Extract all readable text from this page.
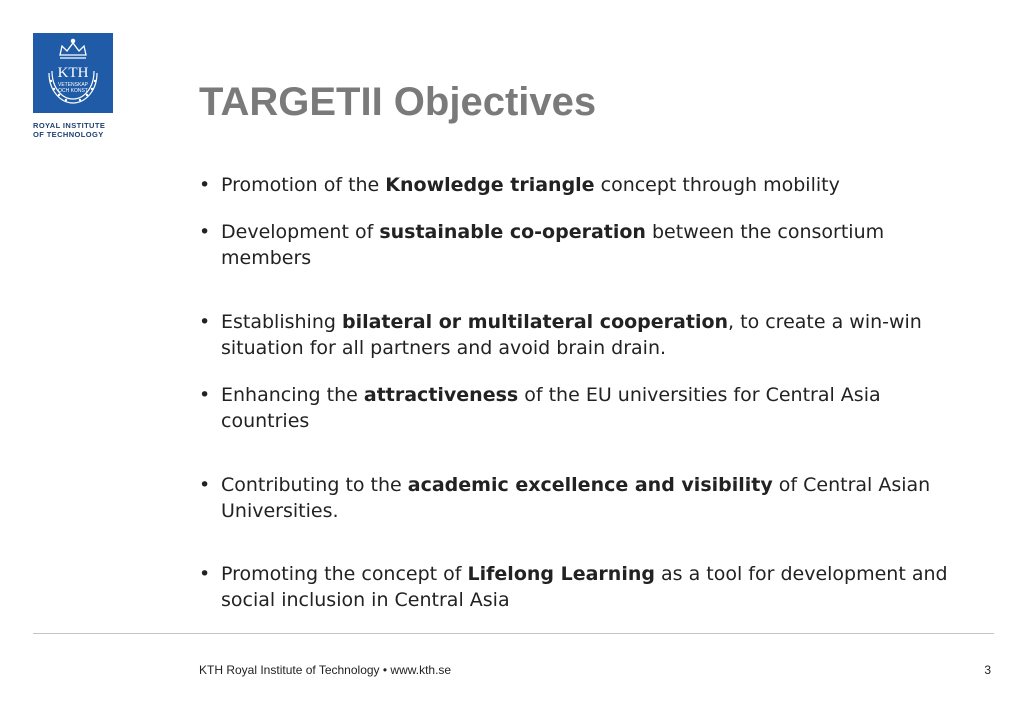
KTH
VETENSKAP
OCH KONST
ROYAL INSTITUTE
OF TECHNOLOGY
TARGETII Objectives
• Promotion of the Knowledge triangle concept through mobility
• Development of sustainable co-operation between the consortium members
• Establishing bilateral or multilateral cooperation, to create a win-win situation for all partners and avoid brain drain.
• Enhancing the attractiveness of the EU universities for Central Asia countries
• Contributing to the academic excellence and visibility of Central Asian Universities.
• Promoting the concept of Lifelong Learning as a tool for development and social inclusion in Central Asia
KTH Royal Institute of Technology • www.kth.se	3
